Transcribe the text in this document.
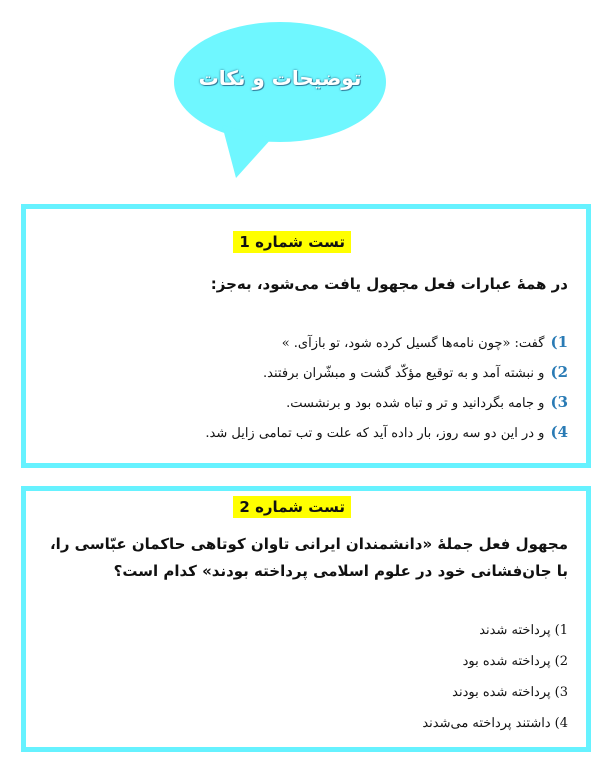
توضیحات و نکات
تست شماره 1
در همهٔ عبارات فعل مجهول یافت می‌شود، به‌جز:
1)گفت: «چون نامه‌ها گسیل کرده شود، تو بازآی. »
2)و نبشته آمد و به توقیع مؤکّد گشت و مبشّران برفتند.
3)و جامه بگردانید و تر و تباه شده بود و برنشست.
4)و در این دو سه روز، بار داده آید که علت و تب تمامی زایل شد.
تست شماره 2
مجهول فعل جملهٔ «دانشمندان ایرانی تاوان کوتاهی حاکمان عبّاسی را، با جان‌فشانی خود در علوم اسلامی پرداخته بودند» کدام است؟
1)پرداخته شدند
2)پرداخته شده بود
3)پرداخته شده بودند
4)داشتند پرداخته می‌شدند
